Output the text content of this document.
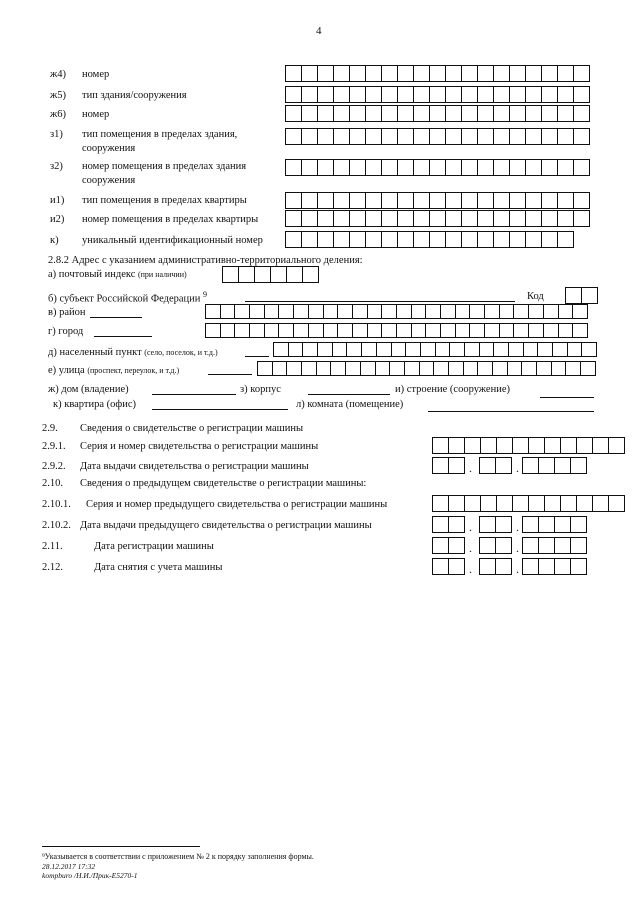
4
ж4) номер
ж5) тип здания/сооружения
ж6) номер
з1) тип помещения в пределах здания,
сооружения
з2) номер помещения в пределах здания
сооружения
и1) тип помещения в пределах квартиры
и2) номер помещения в пределах квартиры
к) уникальный идентификационный номер
2.8.2 Адрес с указанием административно-территориального деления:
а) почтовый индекс (при наличии)
б) субъект Российской Федерации $^9$	Код
в) район
г) город
д) населенный пункт (село, поселок, и т.д.)
е) улица (проспект, переулок, и т.д.)
ж) дом (владение)	з) корпус	и) строение (сооружение)
к) квартира (офис)	л) комната (помещение)
2.9. Сведения о свидетельстве о регистрации машины
2.9.1. Серия и номер свидетельства о регистрации машины
2.9.2. Дата выдачи свидетельства о регистрации машины	.	.
2.10. Сведения о предыдущем свидетельстве о регистрации машины:
2.10.1. Серия и номер предыдущего свидетельства о регистрации машины
2.10.2. Дата выдачи предыдущего свидетельства о регистрации машины	.	.
2.11.	Дата регистрации машины	.	.
2.12.	Дата снятия с учета машины	.	.
⁹Указывается в соответствии с приложением № 2 к порядку заполнения формы.
28.12.2017 17:32
kompburo /Н.И./Прик-E5270-1
